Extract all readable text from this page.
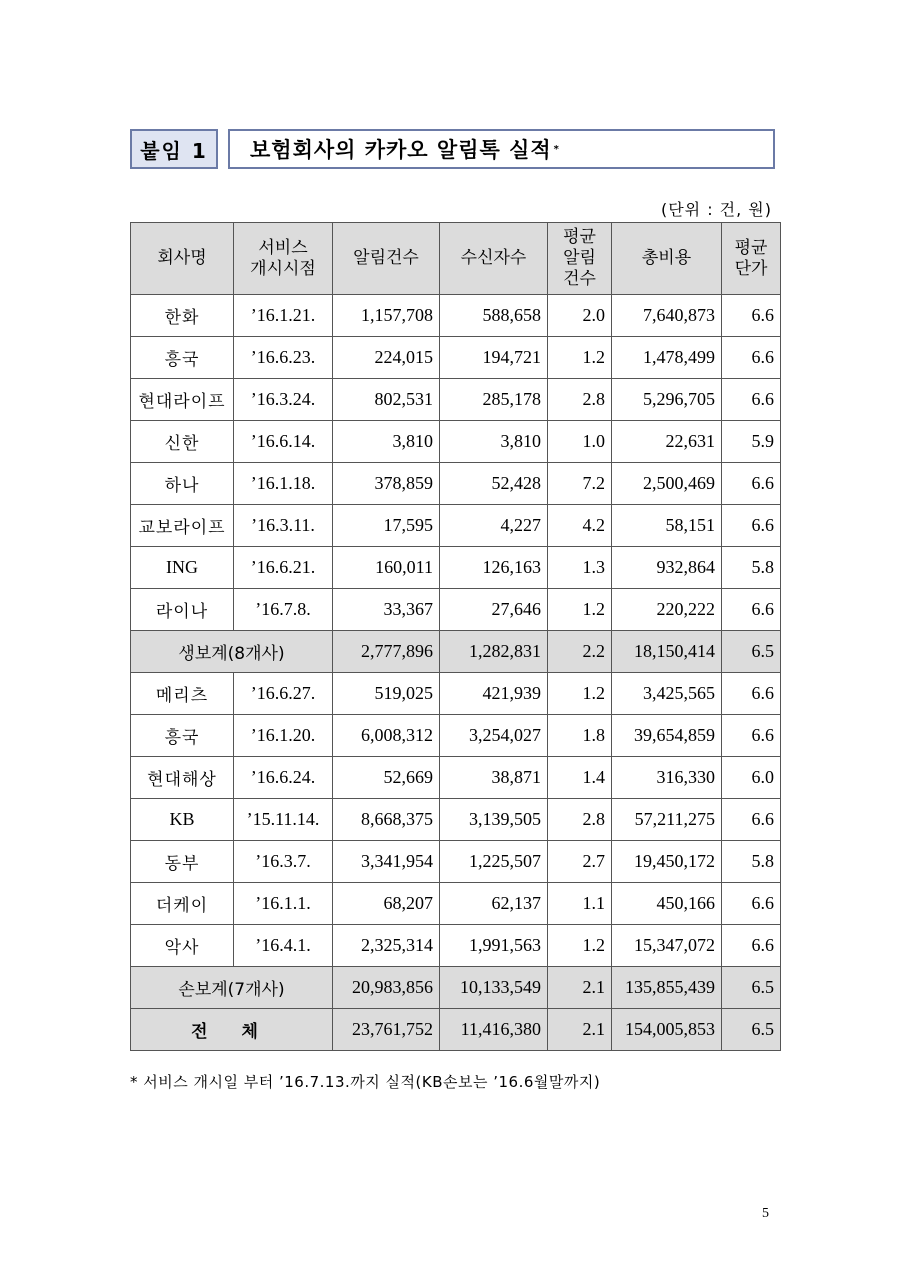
붙임 1	보험회사의 카카오 알림톡 실적 *
(단위 : 건, 원)
회사명	서비스 개시시점	알림건수	수신자수	평균 알림 건수	총비용	평균 단가
한화	’16.1.21.	1,157,708	588,658	2.0	7,640,873	6.6
흥국	’16.6.23.	224,015	194,721	1.2	1,478,499	6.6
현대라이프	’16.3.24.	802,531	285,178	2.8	5,296,705	6.6
신한	’16.6.14.	3,810	3,810	1.0	22,631	5.9
하나	’16.1.18.	378,859	52,428	7.2	2,500,469	6.6
교보라이프	’16.3.11.	17,595	4,227	4.2	58,151	6.6
ING	’16.6.21.	160,011	126,163	1.3	932,864	5.8
라이나	’16.7.8.	33,367	27,646	1.2	220,222	6.6
생보계(8개사)		2,777,896	1,282,831	2.2	18,150,414	6.5
메리츠	’16.6.27.	519,025	421,939	1.2	3,425,565	6.6
흥국	’16.1.20.	6,008,312	3,254,027	1.8	39,654,859	6.6
현대해상	’16.6.24.	52,669	38,871	1.4	316,330	6.0
KB	’15.11.14.	8,668,375	3,139,505	2.8	57,211,275	6.6
동부	’16.3.7.	3,341,954	1,225,507	2.7	19,450,172	5.8
더케이	’16.1.1.	68,207	62,137	1.1	450,166	6.6
악사	’16.4.1.	2,325,314	1,991,563	1.2	15,347,072	6.6
손보계(7개사)		20,983,856	10,133,549	2.1	135,855,439	6.5
전 체		23,761,752	11,416,380	2.1	154,005,853	6.5
* 서비스 개시일 부터 ’16.7.13.까지 실적(KB손보는 ’16.6월말까지)
5
